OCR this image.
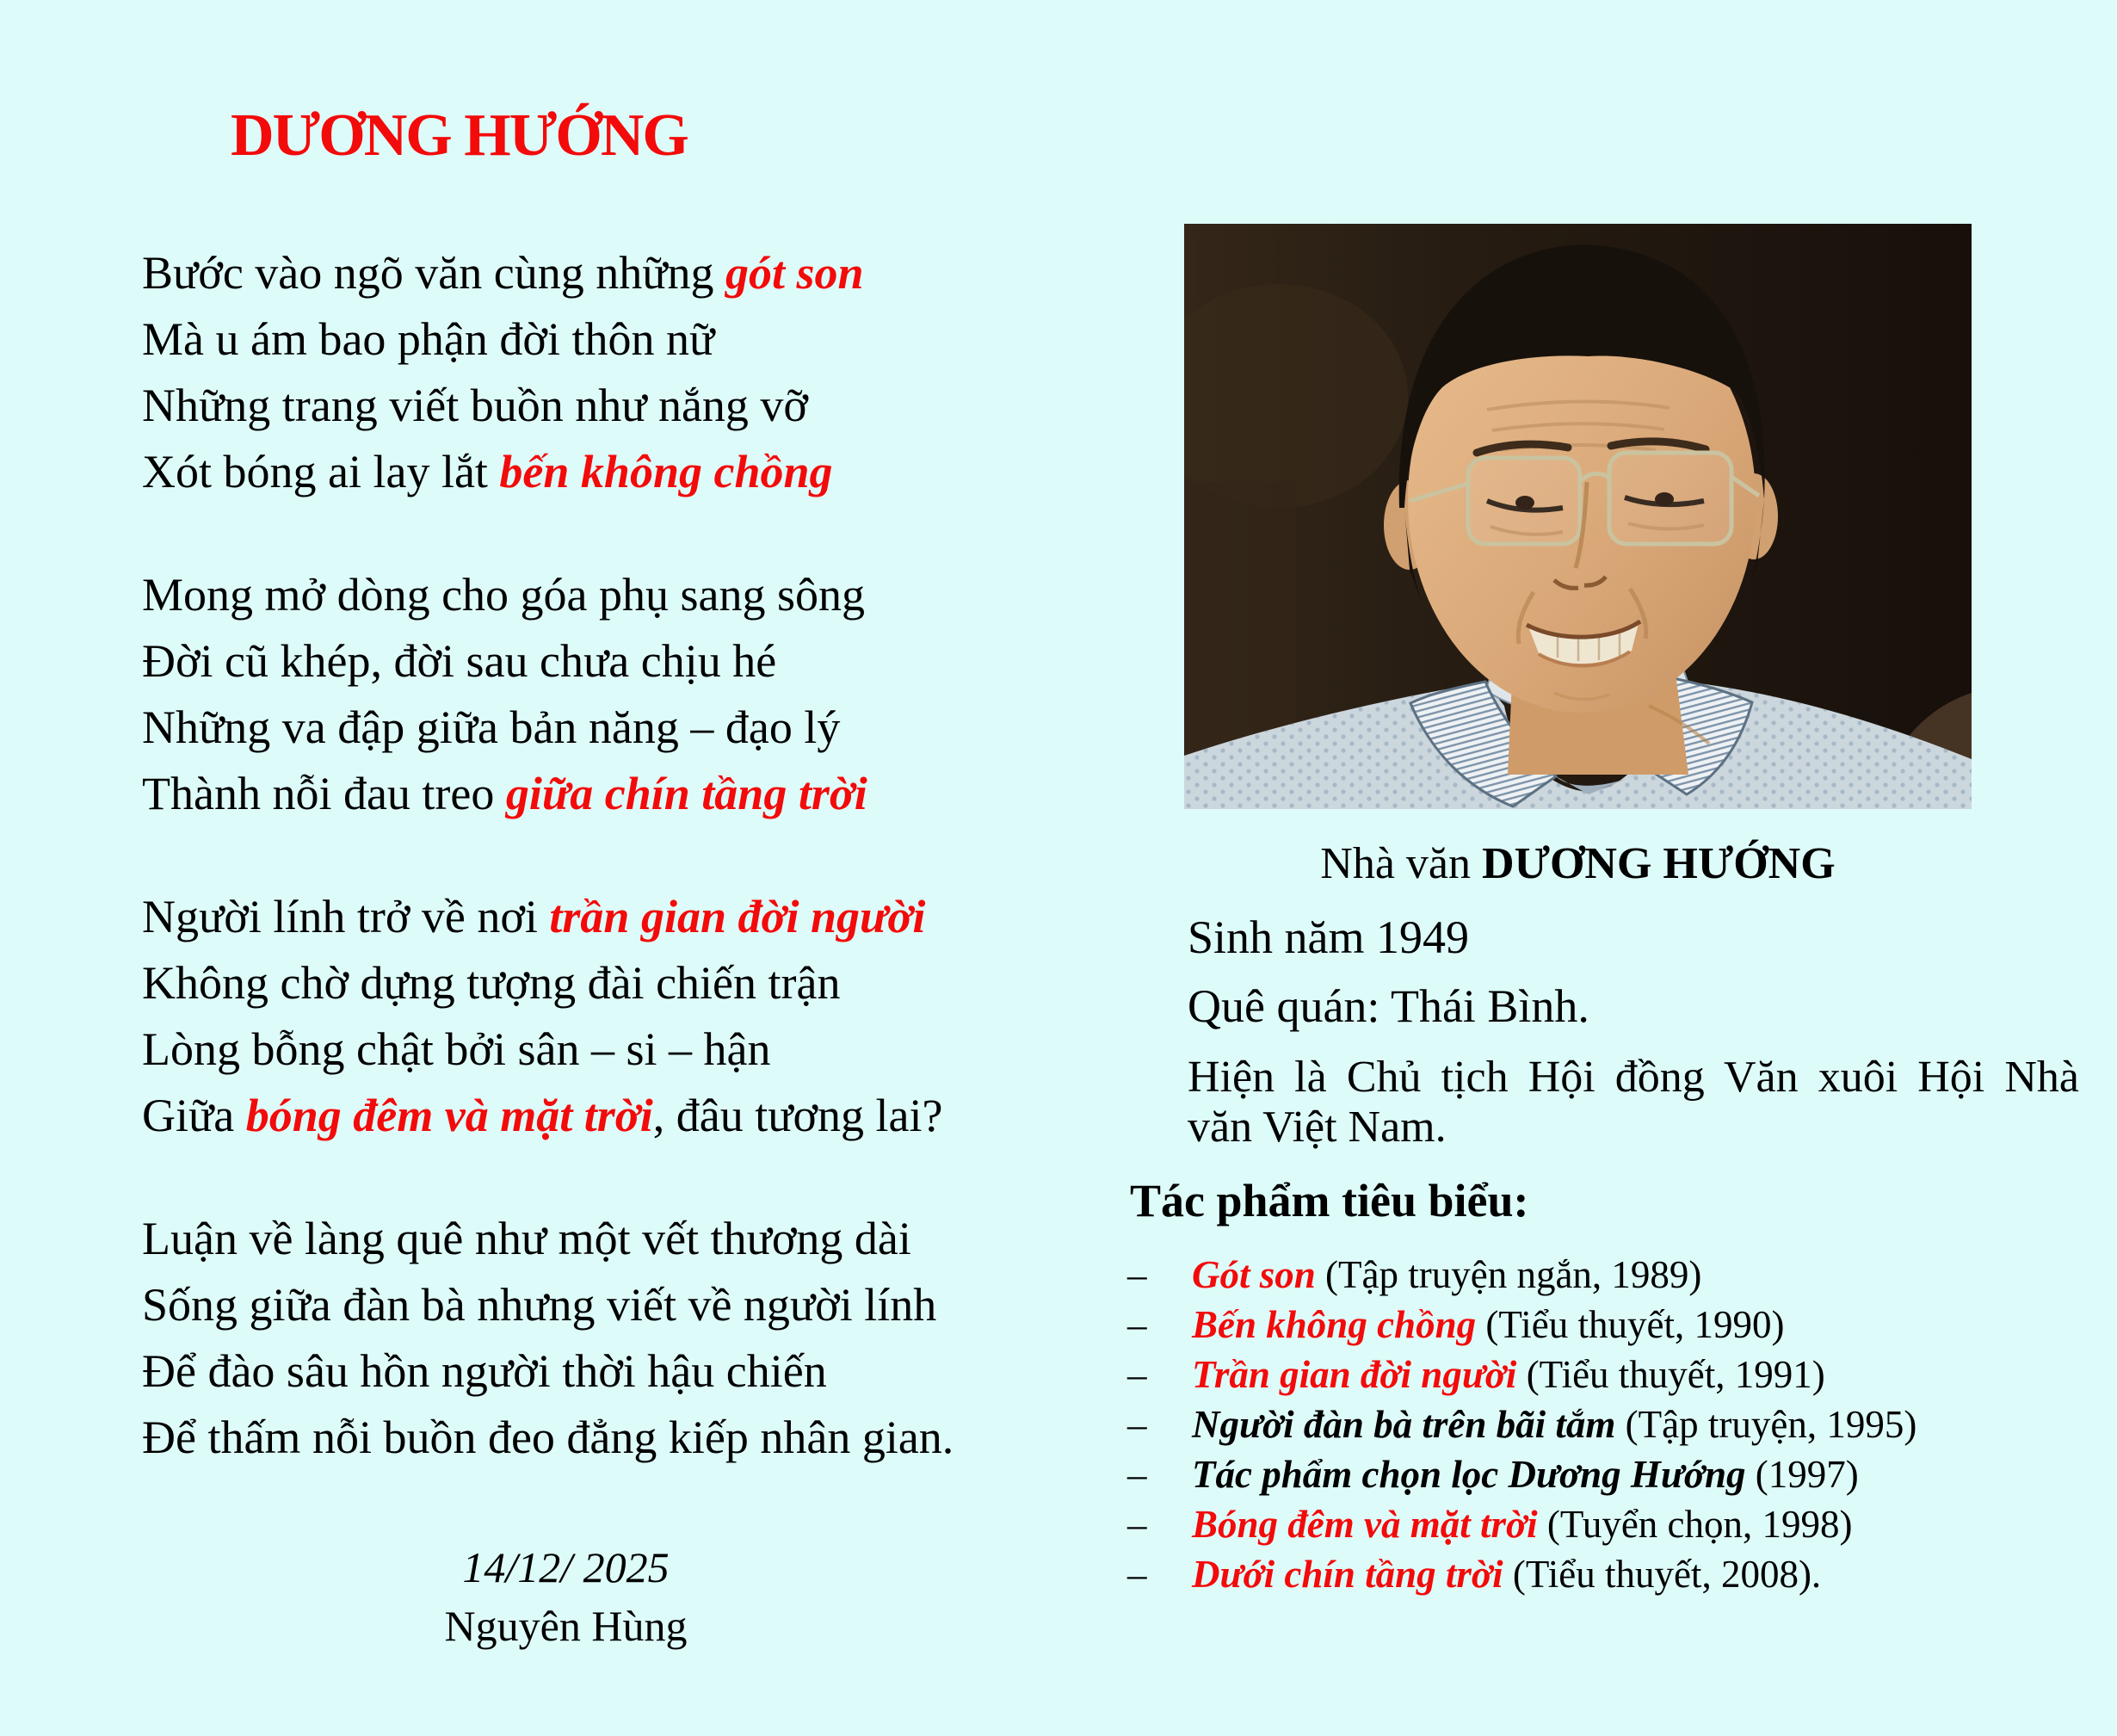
DƯƠNG HƯỚNG
Bước vào ngõ văn cùng những gót son
Mà u ám bao phận đời thôn nữ
Những trang viết buồn như nắng vỡ
Xót bóng ai lay lắt bến không chồng
Mong mở dòng cho góa phụ sang sông
Đời cũ khép, đời sau chưa chịu hé
Những va đập giữa bản năng – đạo lý
Thành nỗi đau treo giữa chín tầng trời
Người lính trở về nơi trần gian đời người
Không chờ dựng tượng đài chiến trận
Lòng bỗng chật bởi sân – si – hận
Giữa bóng đêm và mặt trời, đâu tương lai?
Luận về làng quê như một vết thương dài
Sống giữa đàn bà nhưng viết về người lính
Để đào sâu hồn người thời hậu chiến
Để thấm nỗi buồn đeo đẳng kiếp nhân gian.
14/12/ 2025
Nguyên Hùng
Nhà văn DƯƠNG HƯỚNG
Sinh năm 1949
Quê quán: Thái Bình.
Hiện là Chủ tịch Hội đồng Văn xuôi Hội Nhà
văn Việt Nam.
Tác phẩm tiêu biểu:
– Gót son (Tập truyện ngắn, 1989)
– Bến không chồng (Tiểu thuyết, 1990)
– Trần gian đời người (Tiểu thuyết, 1991)
– Người đàn bà trên bãi tắm (Tập truyện, 1995)
– Tác phẩm chọn lọc Dương Hướng (1997)
– Bóng đêm và mặt trời (Tuyển chọn, 1998)
– Dưới chín tầng trời (Tiểu thuyết, 2008).
